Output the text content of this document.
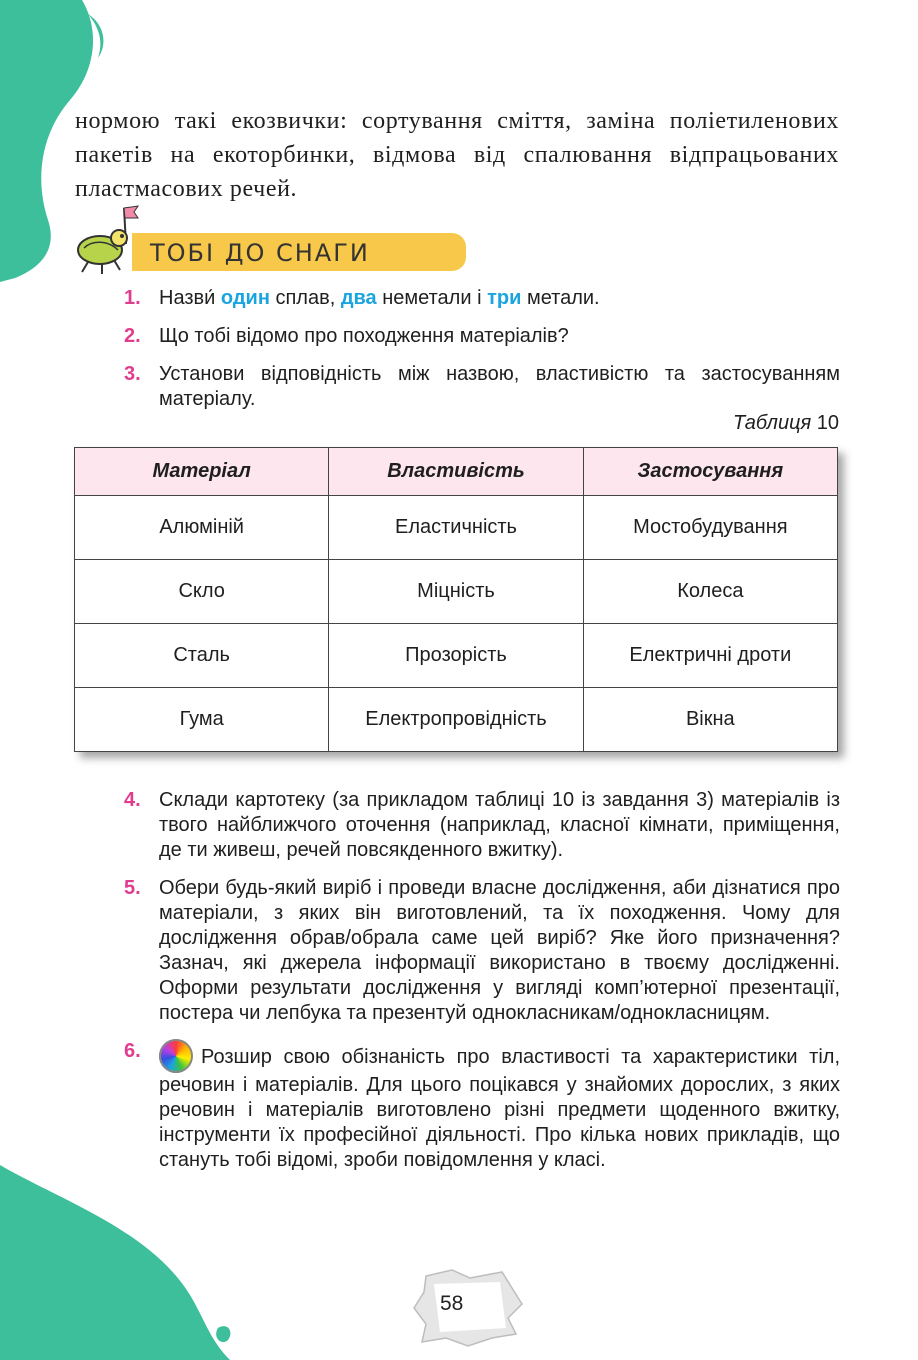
нормою такі екозвички: сортування сміття, заміна поліетиленових пакетів на екоторбинки, відмова від спалювання відпрацьованих пластмасових речей.
ТОБІ ДО СНАГИ
1. Назви́ один сплав, два неметали і три метали.
2. Що тобі відомо про походження матеріалів?
3. Установи відповідність між назвою, властивістю та застосуванням матеріалу.
Таблиця 10
Матеріал	Властивість	Застосування
Алюміній	Еластичність	Мостобудування
Скло	Міцність	Колеса
Сталь	Прозорість	Електричні дроти
Гума	Електропровідність	Вікна
4. Склади картотеку (за прикладом таблиці 10 із завдання 3) матеріалів із твого найближчого оточення (наприклад, класної кімнати, приміщення, де ти живеш, речей повсякденного вжитку).
5. Обери будь-який виріб і проведи власне дослідження, аби дізнатися про матеріали, з яких він виготовлений, та їх походження. Чому для дослідження обрав/обрала саме цей виріб? Яке його призначення? Зазнач, які джерела інформації використано в твоєму дослідженні. Оформи результати дослідження у вигляді комп’ютерної презентації, постера чи лепбука та презентуй однокласникам/однокласницям.
6.	Розшир свою обізнаність про властивості та характеристики тіл, речовин і матеріалів. Для цього поцікався у знайомих дорослих, з яких речовин і матеріалів виготовлено різні предмети щоденного вжитку, інструменти їх професійної діяльності. Про кілька нових прикладів, що стануть тобі відомі, зроби повідомлення у класі.
58
